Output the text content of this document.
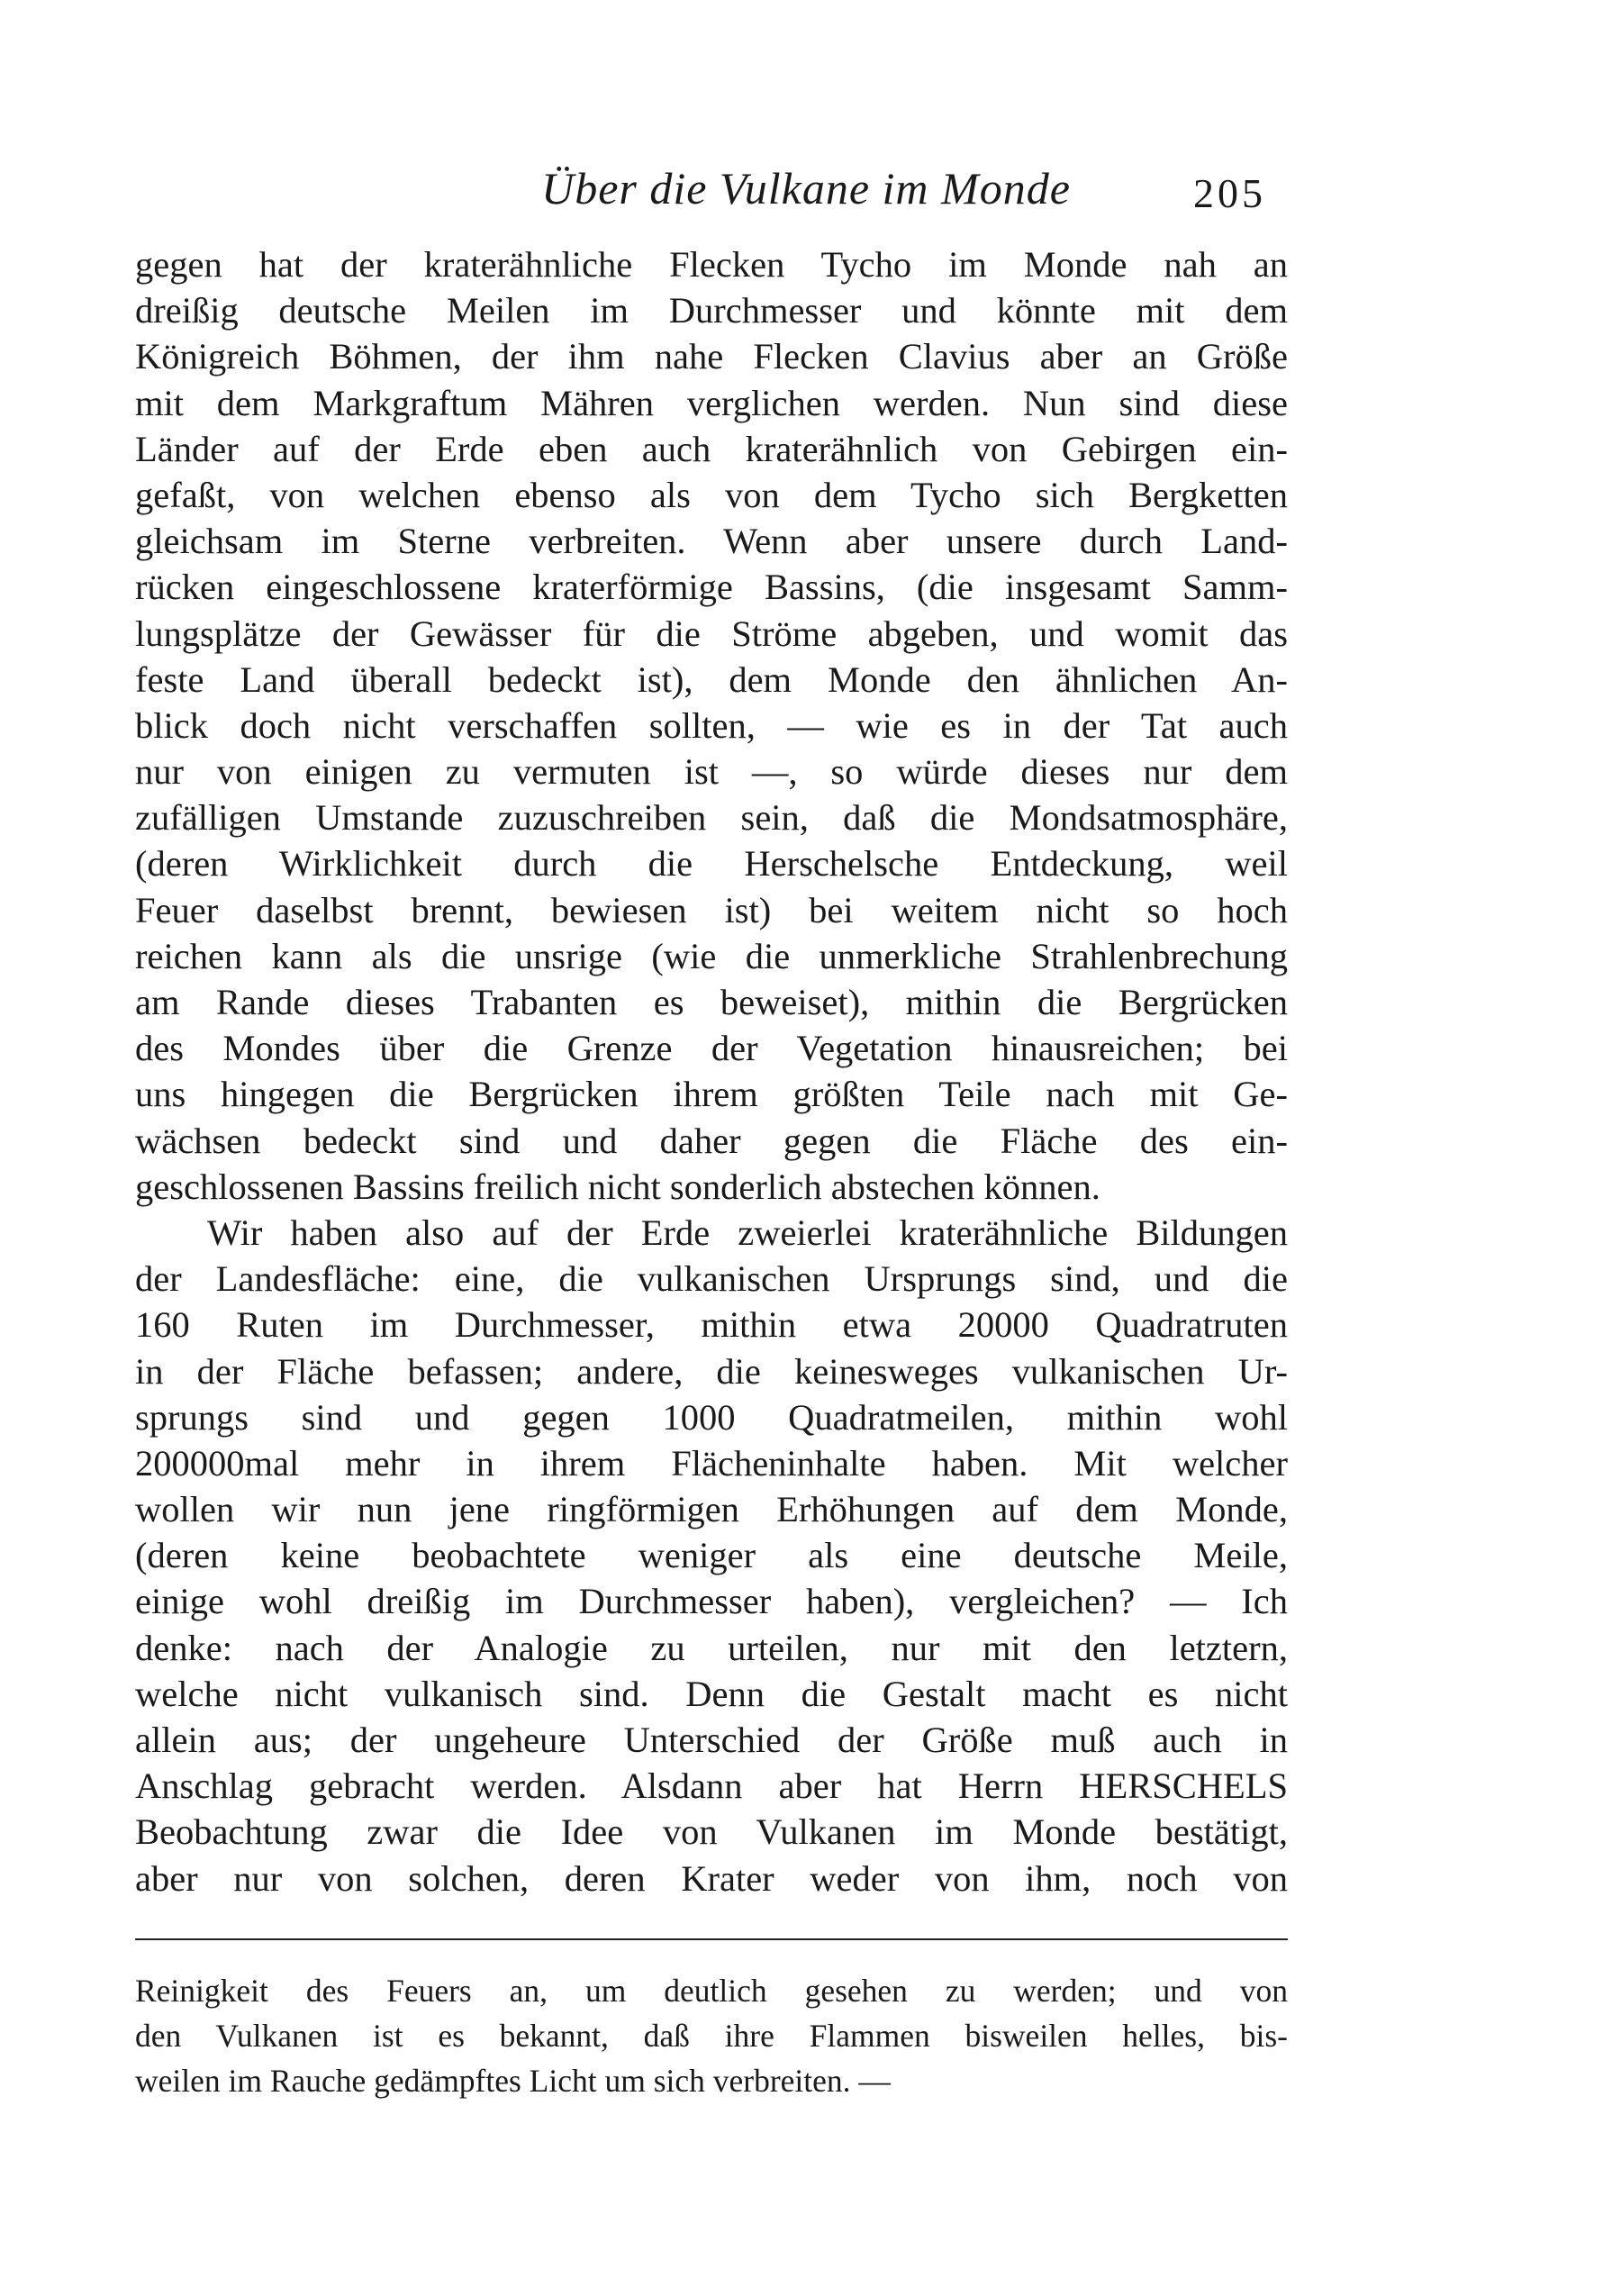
Über die Vulkane im Monde	205
gegen hat der kraterähnliche Flecken Tycho im Monde nah an
dreißig deutsche Meilen im Durchmesser und könnte mit dem
Königreich Böhmen, der ihm nahe Flecken Clavius aber an Größe
mit dem Markgraftum Mähren verglichen werden. Nun sind diese
Länder auf der Erde eben auch kraterähnlich von Gebirgen ein-
gefaßt, von welchen ebenso als von dem Tycho sich Bergketten
gleichsam im Sterne verbreiten. Wenn aber unsere durch Land-
rücken eingeschlossene kraterförmige Bassins, (die insgesamt Samm-
lungsplätze der Gewässer für die Ströme abgeben, und womit das
feste Land überall bedeckt ist), dem Monde den ähnlichen An-
blick doch nicht verschaffen sollten, — wie es in der Tat auch
nur von einigen zu vermuten ist —, so würde dieses nur dem
zufälligen Umstande zuzuschreiben sein, daß die Mondsatmosphäre,
(deren Wirklichkeit durch die Herschelsche Entdeckung, weil
Feuer daselbst brennt, bewiesen ist) bei weitem nicht so hoch
reichen kann als die unsrige (wie die unmerkliche Strahlenbrechung
am Rande dieses Trabanten es beweiset), mithin die Bergrücken
des Mondes über die Grenze der Vegetation hinausreichen; bei
uns hingegen die Bergrücken ihrem größten Teile nach mit Ge-
wächsen bedeckt sind und daher gegen die Fläche des ein-
geschlossenen Bassins freilich nicht sonderlich abstechen können.
Wir haben also auf der Erde zweierlei kraterähnliche Bildungen
der Landesfläche: eine, die vulkanischen Ursprungs sind, und die
160 Ruten im Durchmesser, mithin etwa 20000 Quadratruten
in der Fläche befassen; andere, die keinesweges vulkanischen Ur-
sprungs sind und gegen 1000 Quadratmeilen, mithin wohl
200000mal mehr in ihrem Flächeninhalte haben. Mit welcher
wollen wir nun jene ringförmigen Erhöhungen auf dem Monde,
(deren keine beobachtete weniger als eine deutsche Meile,
einige wohl dreißig im Durchmesser haben), vergleichen? — Ich
denke: nach der Analogie zu urteilen, nur mit den letztern,
welche nicht vulkanisch sind. Denn die Gestalt macht es nicht
allein aus; der ungeheure Unterschied der Größe muß auch in
Anschlag gebracht werden. Alsdann aber hat Herrn HERSCHELS
Beobachtung zwar die Idee von Vulkanen im Monde bestätigt,
aber nur von solchen, deren Krater weder von ihm, noch von
Reinigkeit des Feuers an, um deutlich gesehen zu werden; und von
den Vulkanen ist es bekannt, daß ihre Flammen bisweilen helles, bis-
weilen im Rauche gedämpftes Licht um sich verbreiten. —
